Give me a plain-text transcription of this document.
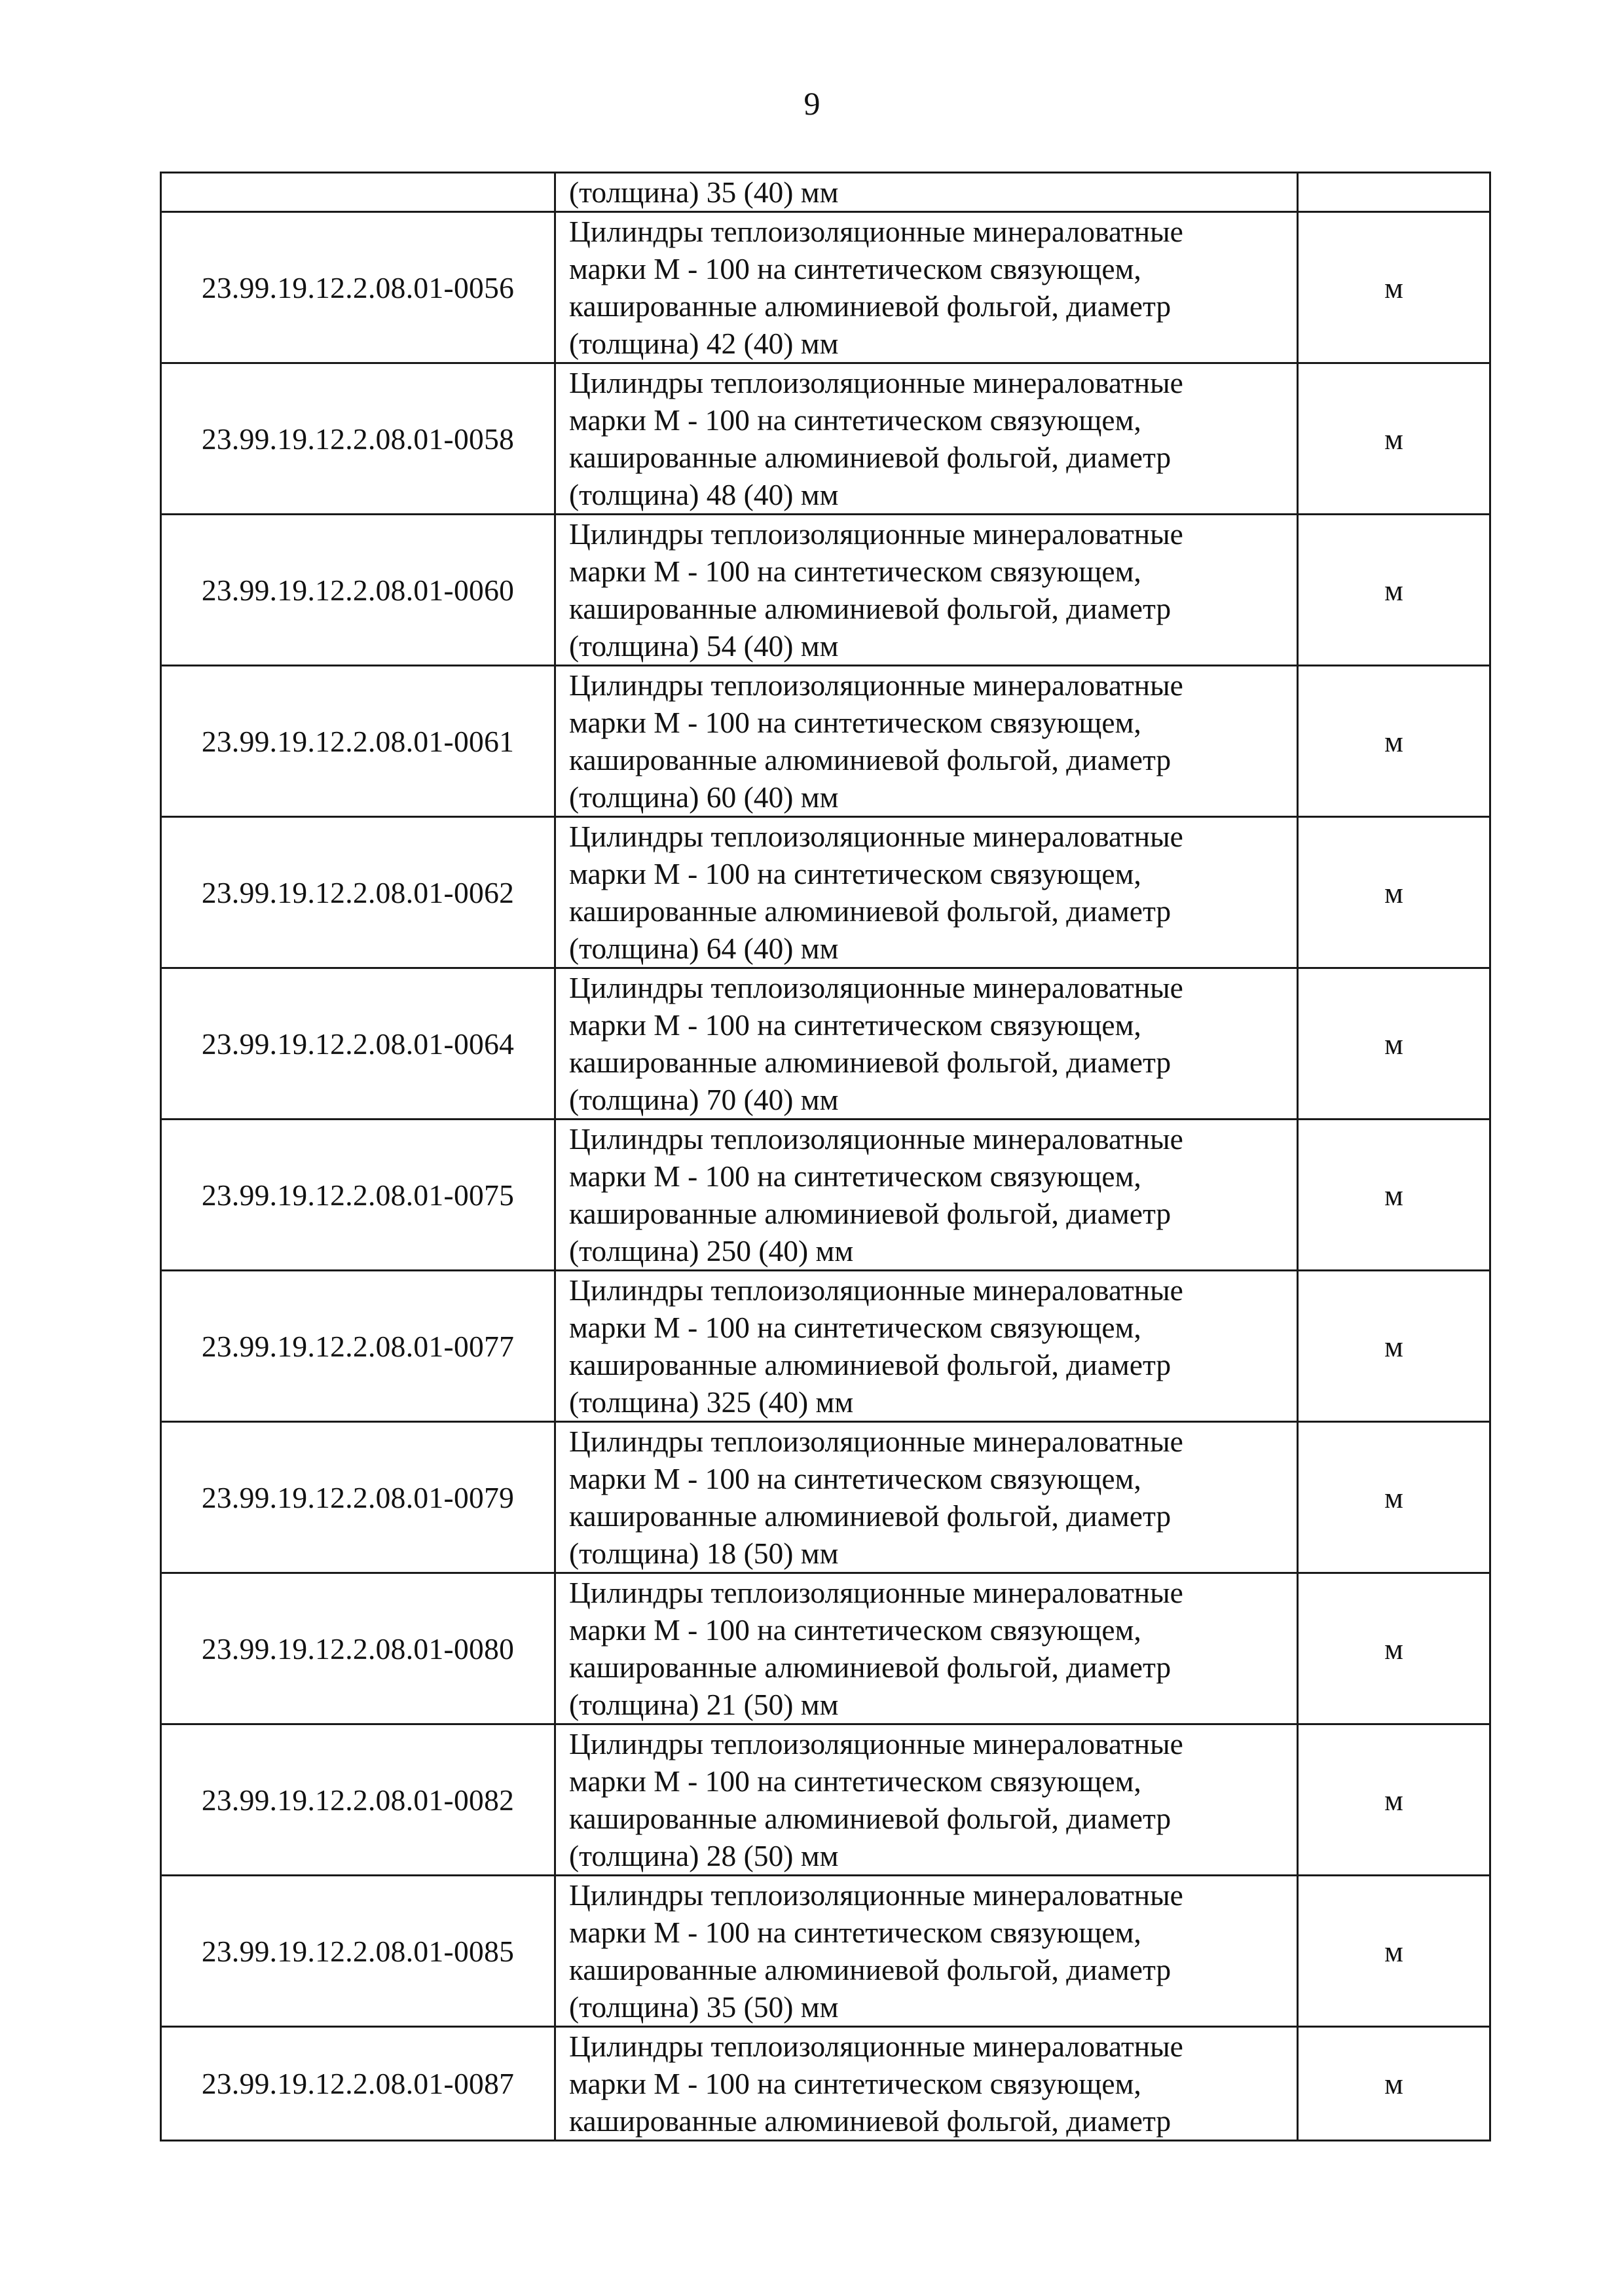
9

	(толщина) 35 (40) мм	

23.99.19.12.2.08.01-0056	Цилиндры теплоизоляционные минераловатные
марки М - 100 на синтетическом связующем,
кашированные алюминиевой фольгой, диаметр
(толщина) 42 (40) мм	м
23.99.19.12.2.08.01-0058	Цилиндры теплоизоляционные минераловатные
марки М - 100 на синтетическом связующем,
кашированные алюминиевой фольгой, диаметр
(толщина) 48 (40) мм	м
23.99.19.12.2.08.01-0060	Цилиндры теплоизоляционные минераловатные
марки М - 100 на синтетическом связующем,
кашированные алюминиевой фольгой, диаметр
(толщина) 54 (40) мм	м
23.99.19.12.2.08.01-0061	Цилиндры теплоизоляционные минераловатные
марки М - 100 на синтетическом связующем,
кашированные алюминиевой фольгой, диаметр
(толщина) 60 (40) мм	м
23.99.19.12.2.08.01-0062	Цилиндры теплоизоляционные минераловатные
марки М - 100 на синтетическом связующем,
кашированные алюминиевой фольгой, диаметр
(толщина) 64 (40) мм	м
23.99.19.12.2.08.01-0064	Цилиндры теплоизоляционные минераловатные
марки М - 100 на синтетическом связующем,
кашированные алюминиевой фольгой, диаметр
(толщина) 70 (40) мм	м
23.99.19.12.2.08.01-0075	Цилиндры теплоизоляционные минераловатные
марки М - 100 на синтетическом связующем,
кашированные алюминиевой фольгой, диаметр
(толщина) 250 (40) мм	м
23.99.19.12.2.08.01-0077	Цилиндры теплоизоляционные минераловатные
марки М - 100 на синтетическом связующем,
кашированные алюминиевой фольгой, диаметр
(толщина) 325 (40) мм	м
23.99.19.12.2.08.01-0079	Цилиндры теплоизоляционные минераловатные
марки М - 100 на синтетическом связующем,
кашированные алюминиевой фольгой, диаметр
(толщина) 18 (50) мм	м
23.99.19.12.2.08.01-0080	Цилиндры теплоизоляционные минераловатные
марки М - 100 на синтетическом связующем,
кашированные алюминиевой фольгой, диаметр
(толщина) 21 (50) мм	м
23.99.19.12.2.08.01-0082	Цилиндры теплоизоляционные минераловатные
марки М - 100 на синтетическом связующем,
кашированные алюминиевой фольгой, диаметр
(толщина) 28 (50) мм	м
23.99.19.12.2.08.01-0085	Цилиндры теплоизоляционные минераловатные
марки М - 100 на синтетическом связующем,
кашированные алюминиевой фольгой, диаметр
(толщина) 35 (50) мм	м
23.99.19.12.2.08.01-0087	Цилиндры теплоизоляционные минераловатные
марки М - 100 на синтетическом связующем,
кашированные алюминиевой фольгой, диаметр	м
